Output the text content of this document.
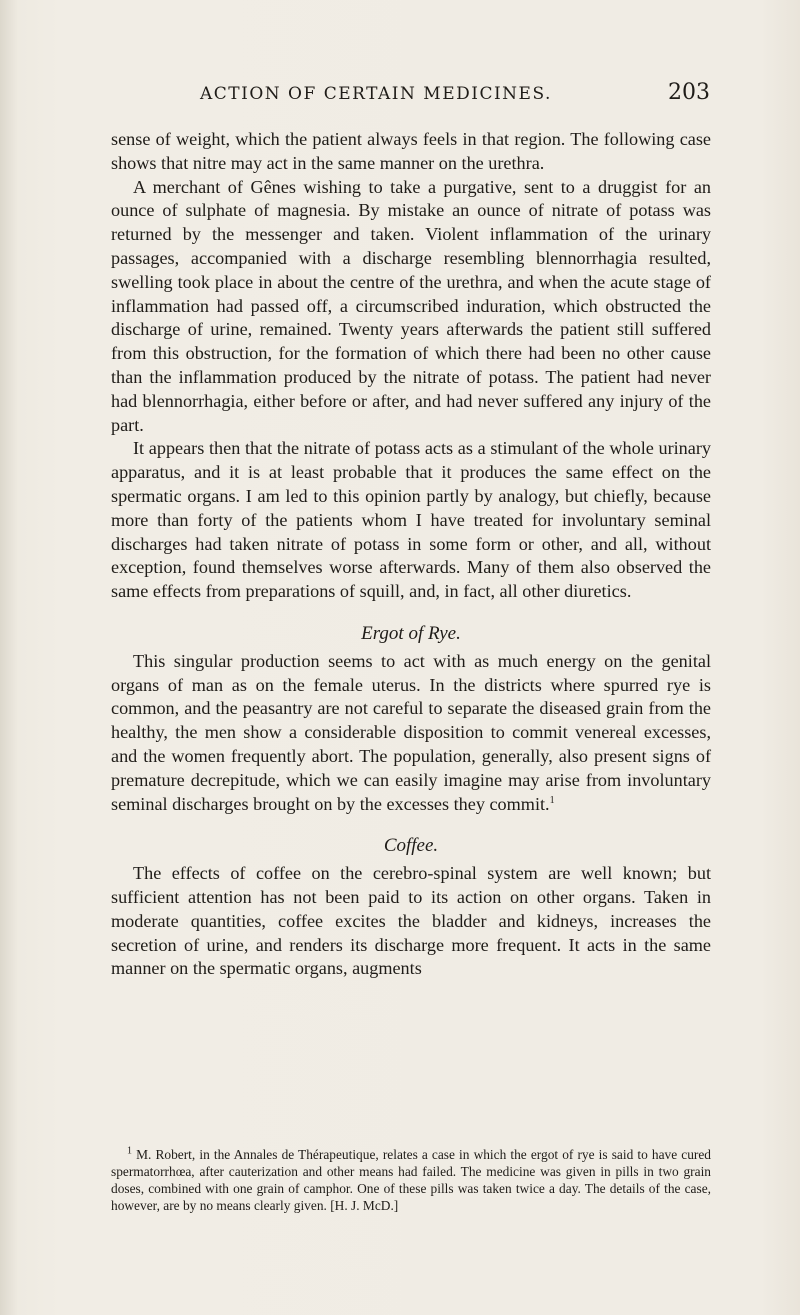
ACTION OF CERTAIN MEDICINES.	203

sense of weight, which the patient always feels in that region. The following case shows that nitre may act in the same manner on the urethra.

A merchant of Gênes wishing to take a purgative, sent to a druggist for an ounce of sulphate of magnesia. By mistake an ounce of nitrate of potass was returned by the messenger and taken. Violent inflammation of the urinary passages, accompanied with a discharge resembling blennorrhagia resulted, swelling took place in about the centre of the urethra, and when the acute stage of inflammation had passed off, a circumscribed induration, which obstructed the discharge of urine, remained. Twenty years afterwards the patient still suffered from this obstruction, for the formation of which there had been no other cause than the inflammation produced by the nitrate of potass. The patient had never had blennorrhagia, either before or after, and had never suffered any injury of the part.

It appears then that the nitrate of potass acts as a stimulant of the whole urinary apparatus, and it is at least probable that it produces the same effect on the spermatic organs. I am led to this opinion partly by analogy, but chiefly, because more than forty of the patients whom I have treated for involuntary seminal discharges had taken nitrate of potass in some form or other, and all, without exception, found themselves worse afterwards. Many of them also observed the same effects from preparations of squill, and, in fact, all other diuretics.

Ergot of Rye.

This singular production seems to act with as much energy on the genital organs of man as on the female uterus. In the districts where spurred rye is common, and the peasantry are not careful to separate the diseased grain from the healthy, the men show a considerable disposition to commit venereal excesses, and the women frequently abort. The population, generally, also present signs of premature decrepitude, which we can easily imagine may arise from involuntary seminal discharges brought on by the excesses they commit.$^1$

Coffee.

The effects of coffee on the cerebro-spinal system are well known; but sufficient attention has not been paid to its action on other organs. Taken in moderate quantities, coffee excites the bladder and kidneys, increases the secretion of urine, and renders its discharge more frequent. It acts in the same manner on the spermatic organs, augments

$^1$ M. Robert, in the Annales de Thérapeutique, relates a case in which the ergot of rye is said to have cured spermatorrhœa, after cauterization and other means had failed. The medicine was given in pills in two grain doses, combined with one grain of camphor. One of these pills was taken twice a day. The details of the case, however, are by no means clearly given. [H. J. McD.]
